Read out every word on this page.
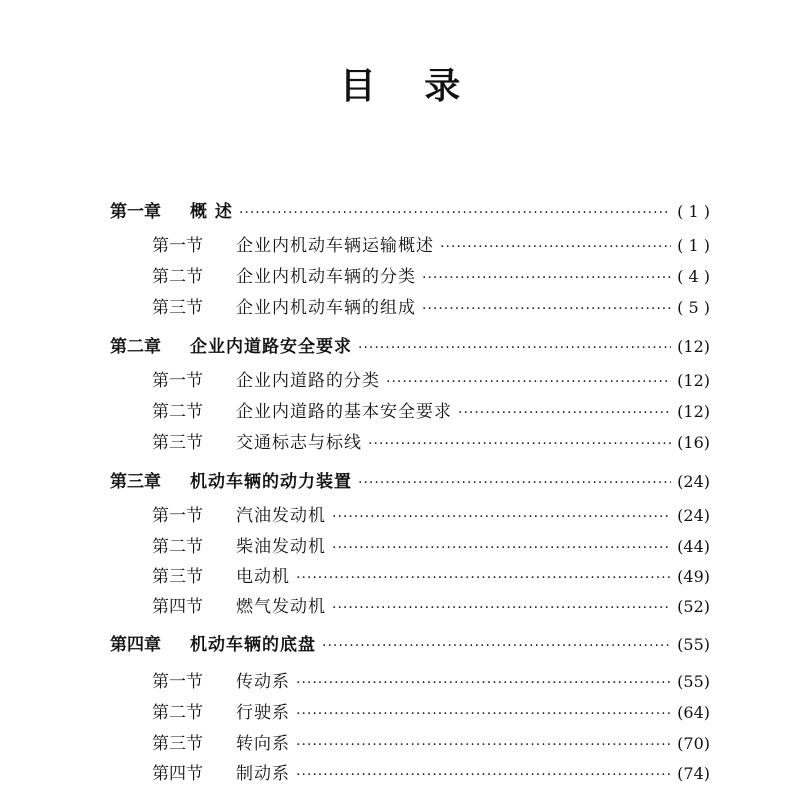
目 录
第一章	概 述 ·····	( 1 )
第一节	企业内机动车辆运输概述 ·····	( 1 )
第二节	企业内机动车辆的分类 ·····	( 4 )
第三节	企业内机动车辆的组成 ·····	( 5 )
第二章	企业内道路安全要求 ·····	(12)
第一节	企业内道路的分类 ·····	(12)
第二节	企业内道路的基本安全要求 ·····	(12)
第三节	交通标志与标线 ·····	(16)
第三章	机动车辆的动力装置 ·····	(24)
第一节	汽油发动机 ·····	(24)
第二节	柴油发动机 ·····	(44)
第三节	电动机 ·····	(49)
第四节	燃气发动机 ·····	(52)
第四章	机动车辆的底盘 ·····	(55)
第一节	传动系 ·····	(55)
第二节	行驶系 ·····	(64)
第三节	转向系 ·····	(70)
第四节	制动系 ·····	(74)
